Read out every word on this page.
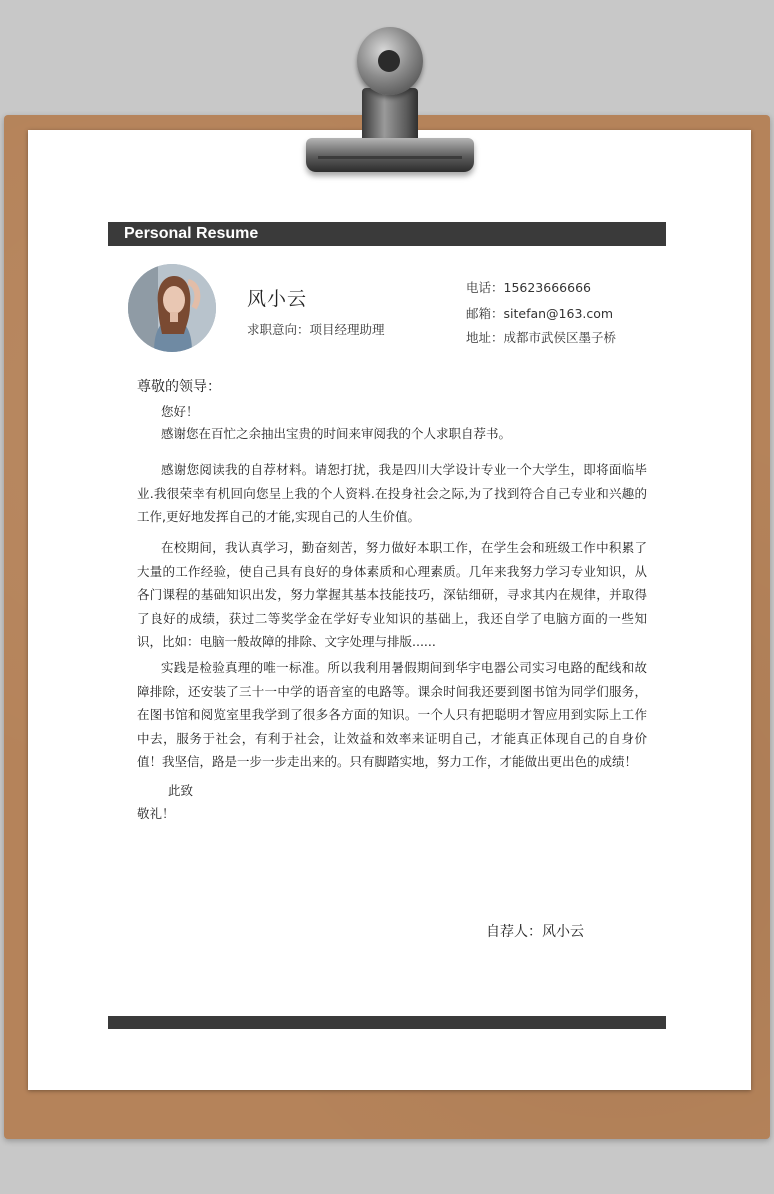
Personal Resume
风小云
求职意向：项目经理助理
电话：15623666666
邮箱：sitefan@163.com
地址：成都市武侯区墨子桥
尊敬的领导：
您好！
感谢您在百忙之余抽出宝贵的时间来审阅我的个人求职自荐书。
感谢您阅读我的自荐材料。请恕打扰，我是四川大学设计专业一个大学生，即将面临毕业.我很荣幸有机回向您呈上我的个人资料.在投身社会之际,为了找到符合自己专业和兴趣的工作,更好地发挥自己的才能,实现自己的人生价值。
在校期间，我认真学习，勤奋刻苦，努力做好本职工作，在学生会和班级工作中积累了大量的工作经验，使自己具有良好的身体素质和心理素质。几年来我努力学习专业知识，从各门课程的基础知识出发，努力掌握其基本技能技巧，深钻细研，寻求其内在规律，并取得了良好的成绩，获过二等奖学金在学好专业知识的基础上，我还自学了电脑方面的一些知识，比如：电脑一般故障的排除、文字处理与排版......
实践是检验真理的唯一标准。所以我利用暑假期间到华宇电器公司实习电路的配线和故障排除，还安装了三十一中学的语音室的电路等。课余时间我还要到图书馆为同学们服务，在图书馆和阅览室里我学到了很多各方面的知识。一个人只有把聪明才智应用到实际上工作中去，服务于社会，有利于社会，让效益和效率来证明自己，才能真正体现自己的自身价值！我坚信，路是一步一步走出来的。只有脚踏实地，努力工作，才能做出更出色的成绩！
此致
敬礼！
自荐人：风小云
